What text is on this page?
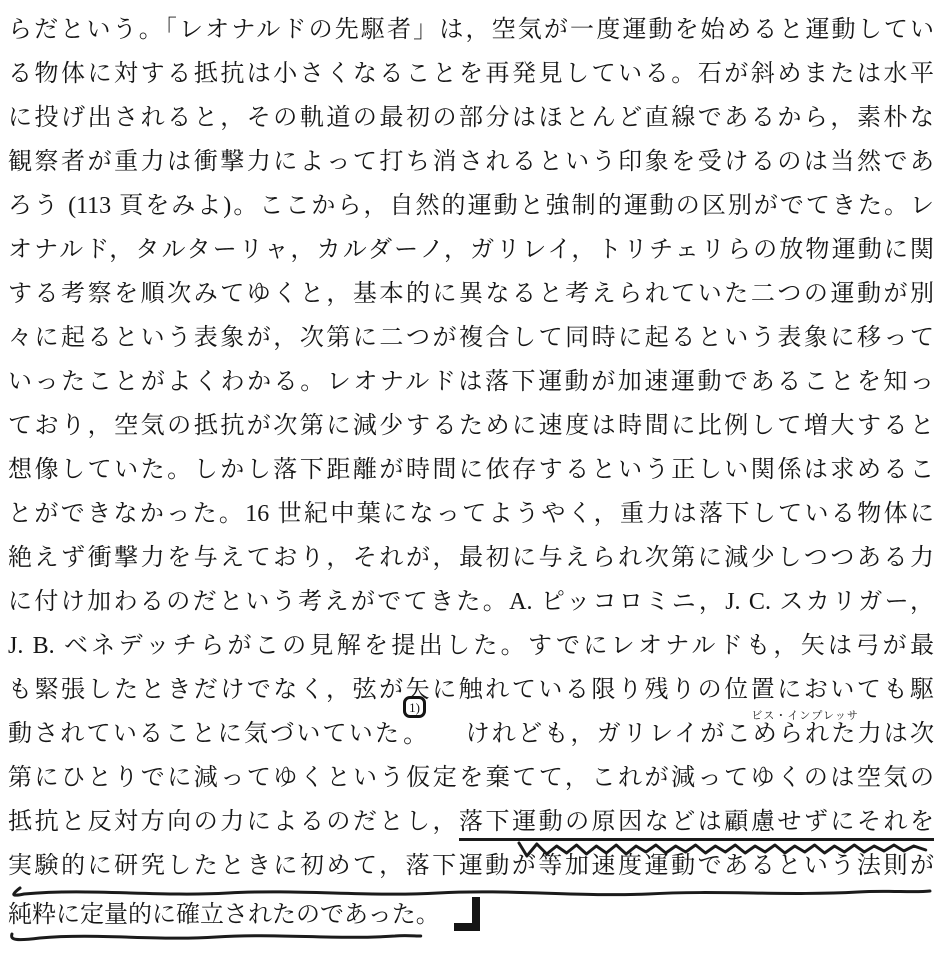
らだという。「レオナルドの先駆者」は，空気が一度運動を始めると運動してい
る物体に対する抵抗は小さくなることを再発見している。石が斜めまたは水平
に投げ出されると，その軌道の最初の部分はほとんど直線であるから，素朴な
観察者が重力は衝撃力によって打ち消されるという印象を受けるのは当然であ
ろう (113 頁をみよ)。ここから，自然的運動と強制的運動の区別がでてきた。レ
オナルド，タルターリャ，カルダーノ，ガリレイ，トリチェリらの放物運動に関
する考察を順次みてゆくと，基本的に異なると考えられていた二つの運動が別
々に起るという表象が，次第に二つが複合して同時に起るという表象に移って
いったことがよくわかる。レオナルドは落下運動が加速運動であることを知っ
ており，空気の抵抗が次第に減少するために速度は時間に比例して増大すると
想像していた。しかし落下距離が時間に依存するという正しい関係は求めるこ
とができなかった。16 世紀中葉になってようやく，重力は落下している物体に
絶えず衝撃力を与えており，それが，最初に与えられ次第に減少しつつある力
に付け加わるのだという考えがでてきた。A. ピッコロミニ，J. C. スカリガー，
J. B. ベネデッチらがこの見解を提出した。すでにレオナルドも，矢は弓が最
も緊張したときだけでなく，弦が矢に触れている限り残りの位置においても駆
動されていることに気づいていた
1)
。 　けれども，ガリレイが
ビス・インプレッサ
こめられた力は次
第にひとりでに減ってゆくという仮定を棄てて，これが減ってゆくのは空気の
抵抗と反対方向の力によるのだとし，落下運動の原因などは顧慮せずにそれを
実験的に研究したときに初めて，落下運動が等加速度運動であるという法則が
純粋に定量的に確立されたのであった。
